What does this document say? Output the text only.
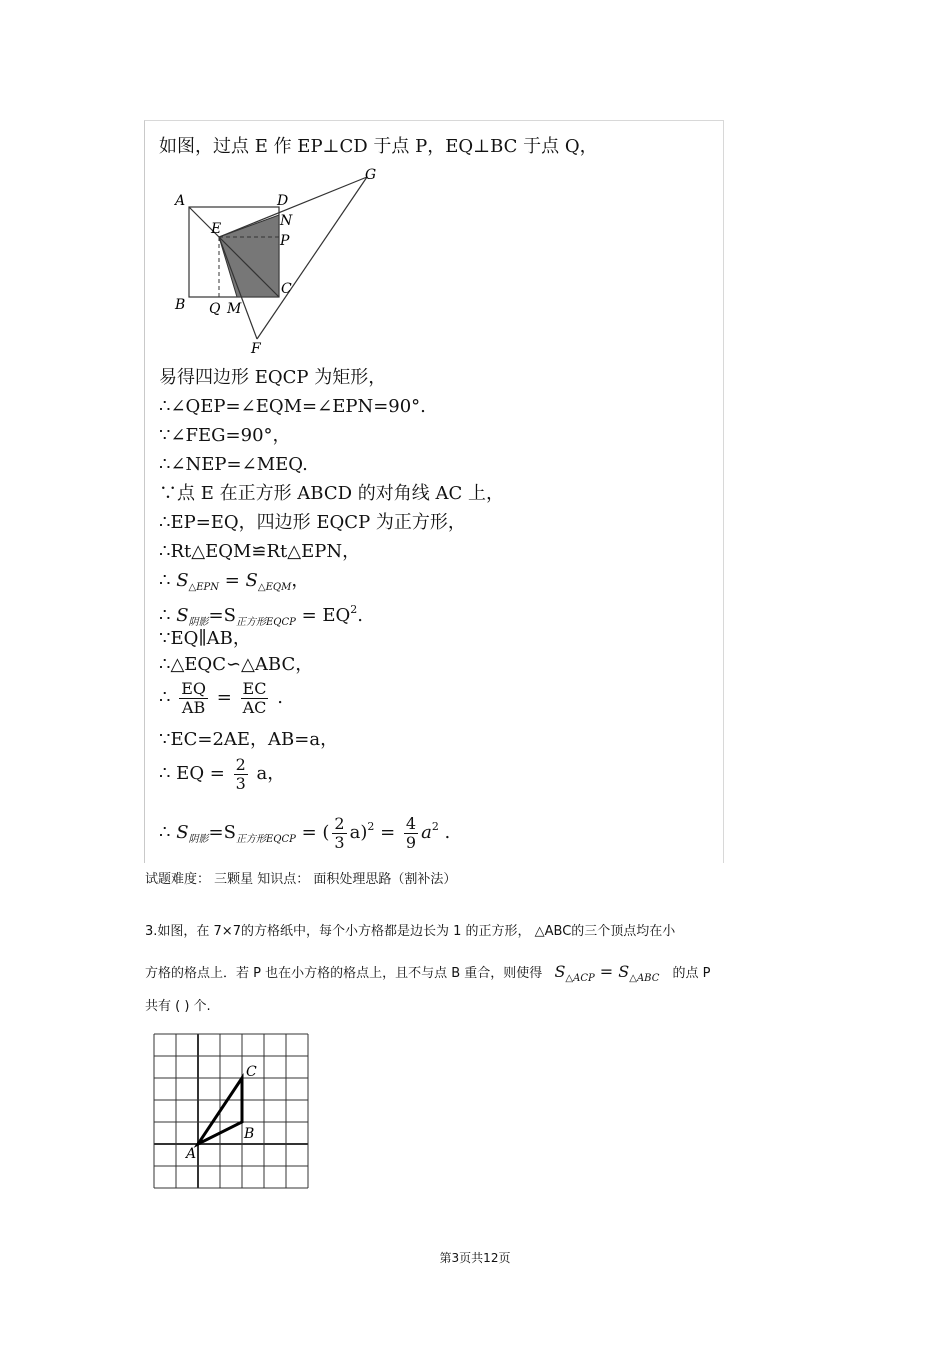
如图，过点 E 作 EP⊥CD 于点 P，EQ⊥BC 于点 Q，
A
B
C
D
E
F
G
M
N
P
Q
易得四边形 EQCP 为矩形，
∴∠QEP=∠EQM=∠EPN=90°.
∵∠FEG=90°，
∴∠NEP=∠MEQ.
∵点 E 在正方形 ABCD 的对角线 AC 上，
∴EP=EQ，四边形 EQCP 为正方形，
∴Rt△EQM≌Rt△EPN，
∴ $S_{\triangle EPN} = S_{\triangle EQM}$，
∴ $S_{阴影}=S_{正方形EQCP} = EQ^2$.
∵EQ∥AB，
∴△EQC∽△ABC，
∴ $\frac{EQ}{AB} = \frac{EC}{AC}$ .
∵EC=2AE，AB=a，
∴ EQ = $\frac{2}{3}$ a，
∴ $S_{阴影}=S_{正方形EQCP}$ = ( $\frac{2}{3} a)^2 = \frac{4}{9} a^2$ .
试题难度： 三颗星 知识点： 面积处理思路（割补法）
3.如图，在 7×7的方格纸中，每个小方格都是边长为 1 的正方形， △ABC的三个顶点均在小
方格的格点上．若 P 也在小方格的格点上，且不与点 B 重合，则使得 $S_{\triangle ACP} = S_{\triangle ABC}$ 的点 P
共有 ( ) 个.
A
B
C
第3页共12页
